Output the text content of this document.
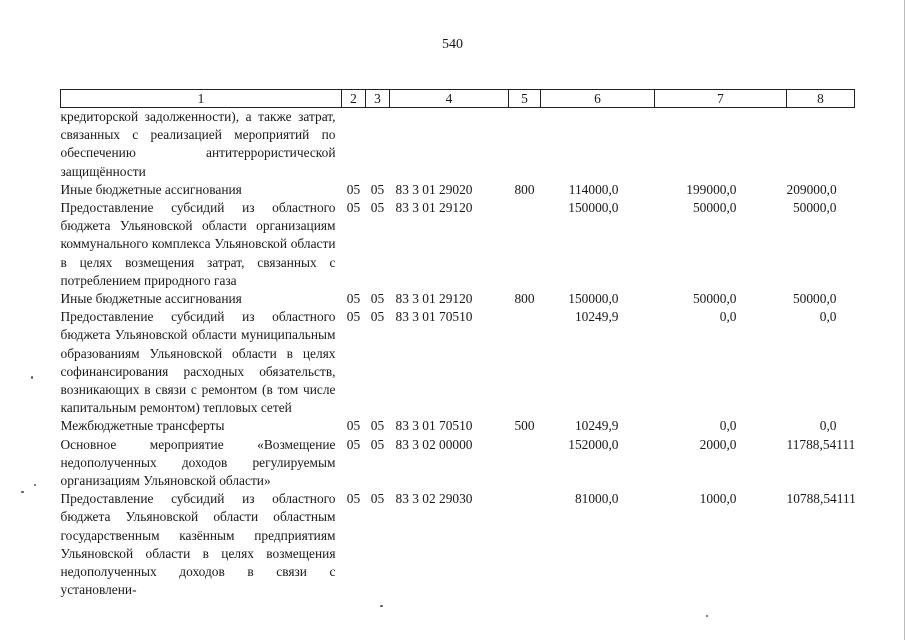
540
1	2	3	4	5	6	7	8
кредиторской задолженности), а также затрат, связанных с реализацией мероприятий по обеспечению антитеррористической защищённости							
Иные бюджетные ассигнования	05	05	83 3 01 29020	800	114000,0	199000,0	209000,0
Предоставление субсидий из областного бюджета Ульяновской области организациям коммунального комплекса Ульяновской области в целях возмещения затрат, связанных с потреблением природного газа	05	05	83 3 01 29120		150000,0	50000,0	50000,0
Иные бюджетные ассигнования	05	05	83 3 01 29120	800	150000,0	50000,0	50000,0
Предоставление субсидий из областного бюджета Ульяновской области муниципальным образованиям Ульяновской области в целях софинансирования расходных обязательств, возникающих в связи с ремонтом (в том числе капитальным ремонтом) тепловых сетей	05	05	83 3 01 70510		10249,9	0,0	0,0
Межбюджетные трансферты	05	05	83 3 01 70510	500	10249,9	0,0	0,0
Основное мероприятие «Возмещение недополученных доходов регулируемым организациям Ульяновской области»	05	05	83 3 02 00000		152000,0	2000,0	11788,54111
Предоставление субсидий из областного бюджета Ульяновской области областным государственным казённым предприятиям Ульяновской области в целях возмещения недополученных доходов в связи с установлени-	05	05	83 3 02 29030		81000,0	1000,0	10788,54111
